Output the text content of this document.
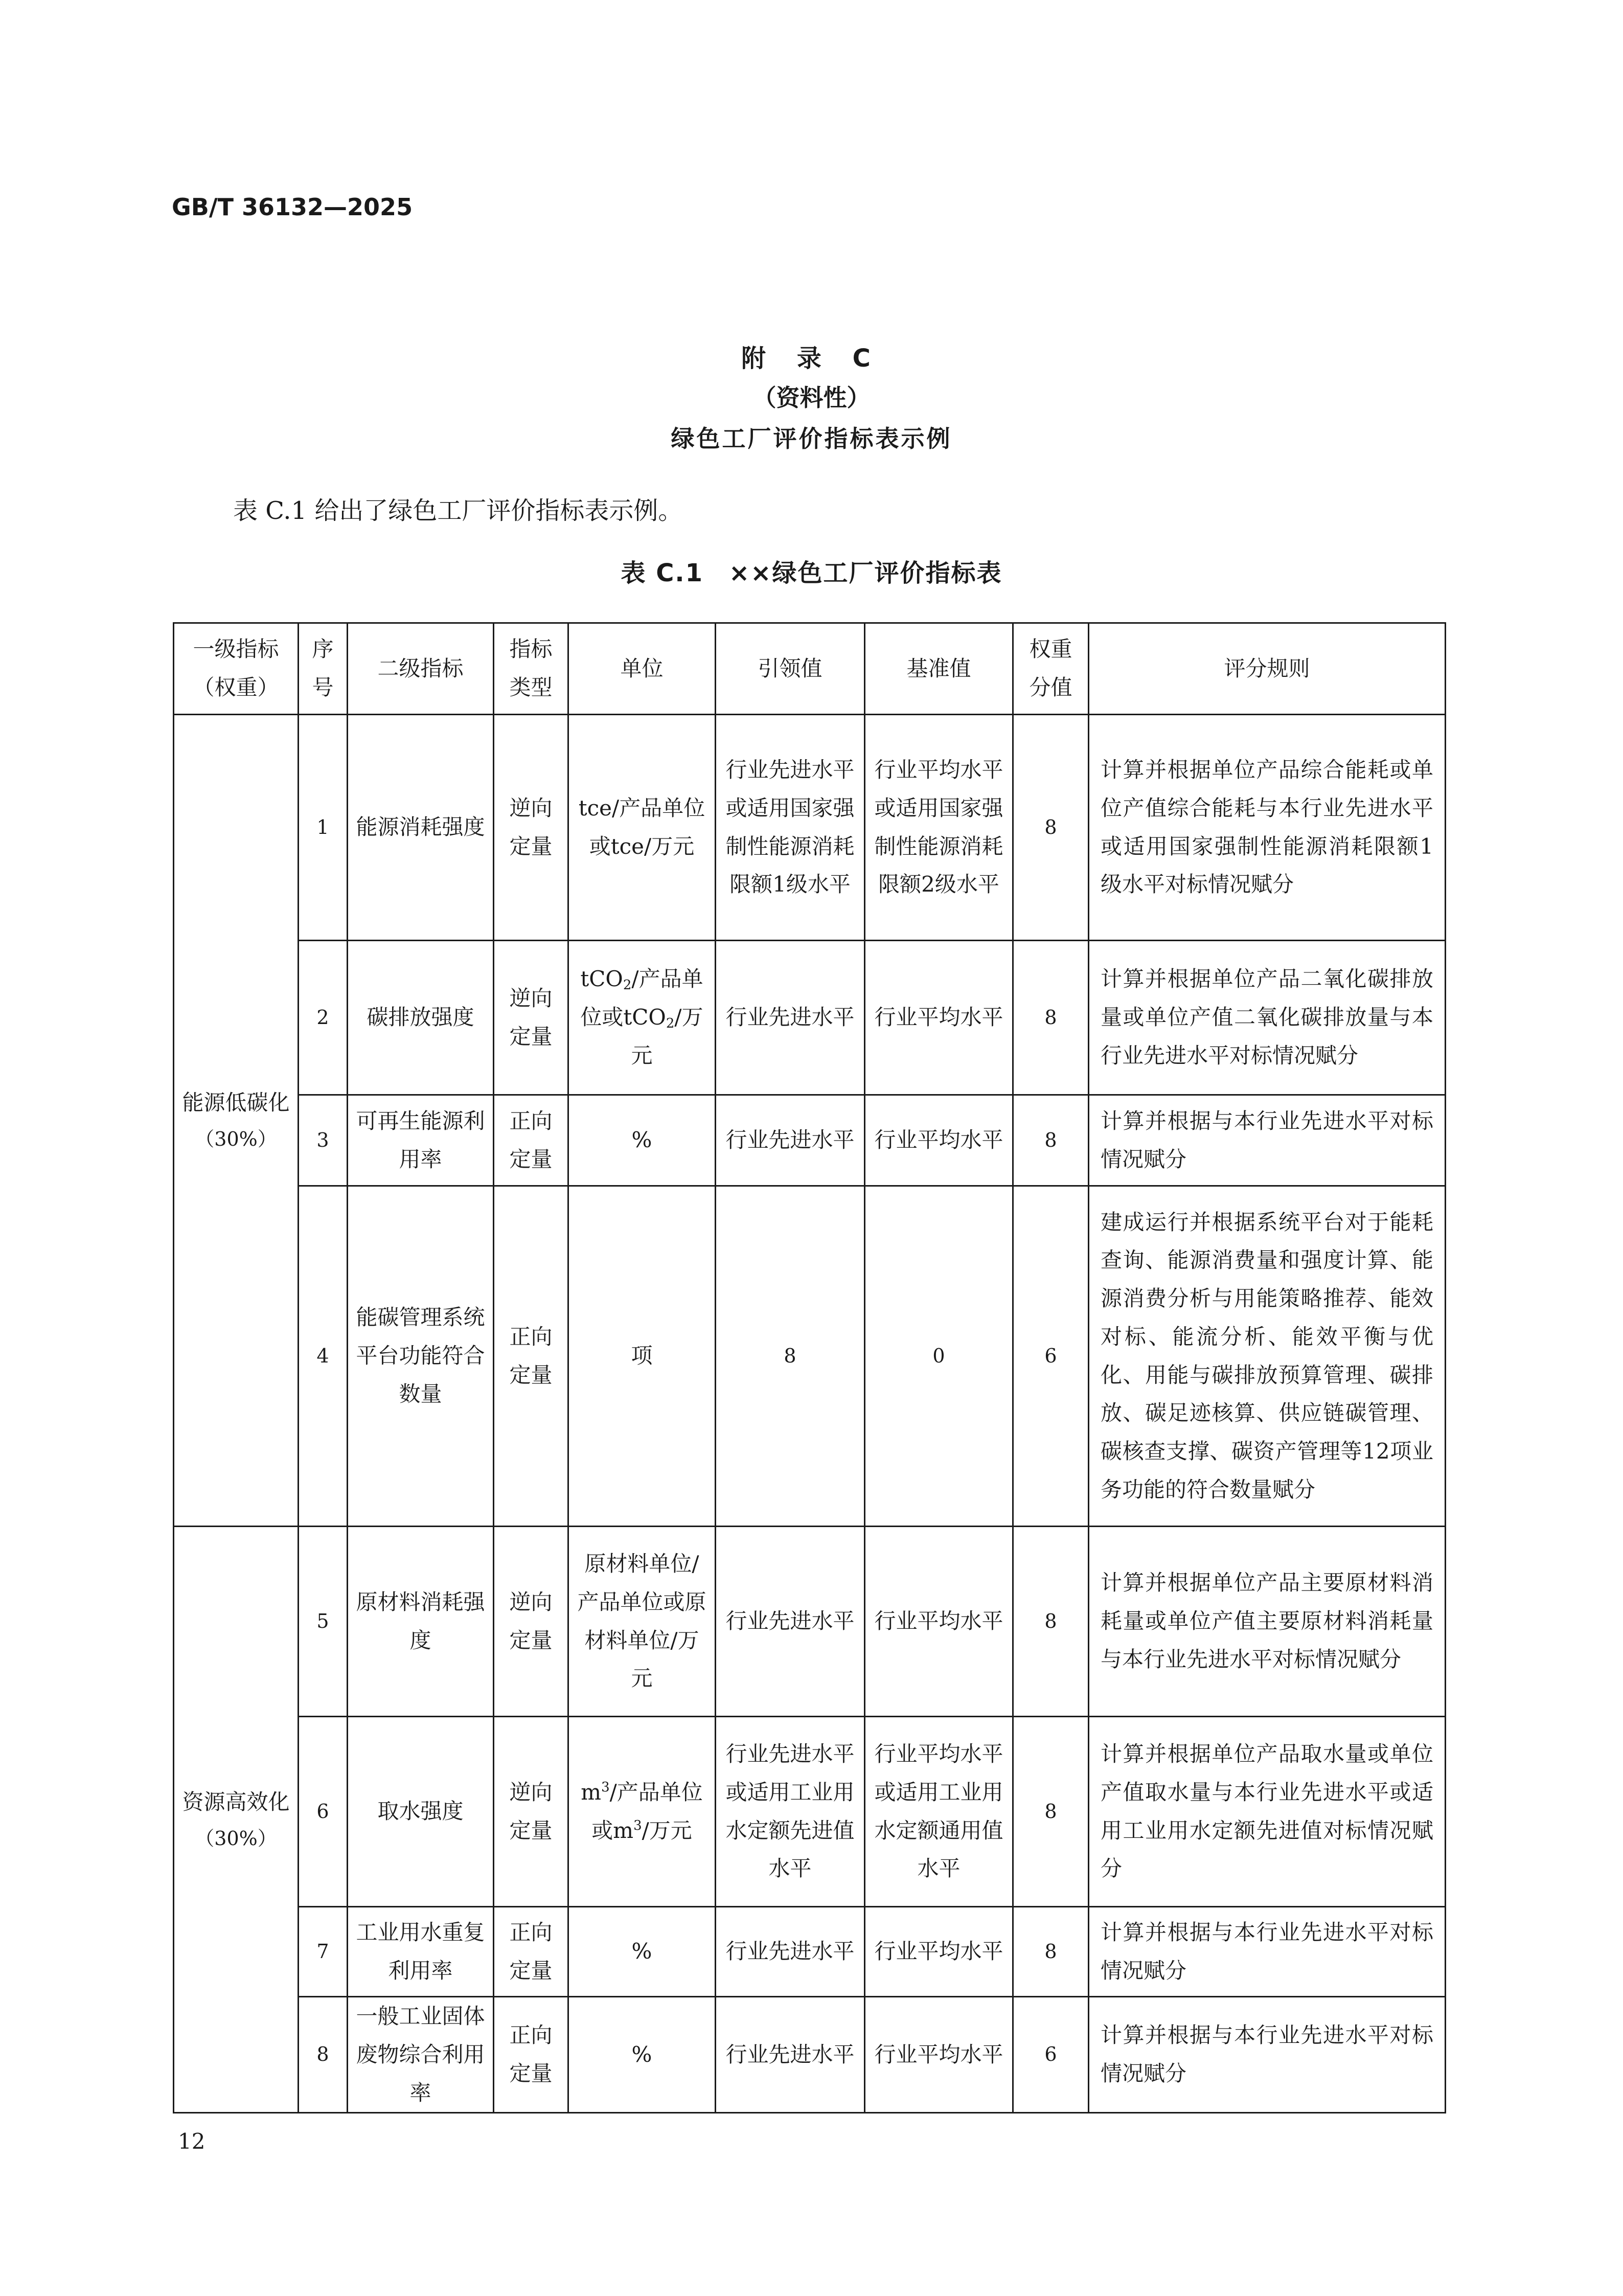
GB/T 36132—2025
附 录 C
（资料性）
绿色工厂评价指标表示例
表 C.1 给出了绿色工厂评价指标表示例。
表 C.1　××绿色工厂评价指标表
一级指标（权重）	序号	二级指标	指标类型	单位	引领值	基准值	权重分值	评分规则

能源低碳化
（30%）	1	能源消耗强度	逆向定量	tce/产品单位或tce/万元	行业先进水平或适用国家强制性能源消耗限额1级水平	行业平均水平或适用国家强制性能源消耗限额2级水平	8	计算并根据单位产品综合能耗或单位产值综合能耗与本行业先进水平或适用国家强制性能源消耗限额1级水平对标情况赋分
	2	碳排放强度	逆向定量	tCO$_2$/产品单位或tCO$_2$/万元	行业先进水平	行业平均水平	8	计算并根据单位产品二氧化碳排放量或单位产值二氧化碳排放量与本行业先进水平对标情况赋分
	3	可再生能源利用率	正向定量	%	行业先进水平	行业平均水平	8	计算并根据与本行业先进水平对标情况赋分
	4	能碳管理系统平台功能符合数量	正向定量	项	8	0	6	建成运行并根据系统平台对于能耗查询、能源消费量和强度计算、能源消费分析与用能策略推荐、能效对标、能流分析、能效平衡与优化、用能与碳排放预算管理、碳排放、碳足迹核算、供应链碳管理、碳核查支撑、碳资产管理等12项业务功能的符合数量赋分

资源高效化
（30%）	5	原材料消耗强度	逆向定量	原材料单位/产品单位或原材料单位/万元	行业先进水平	行业平均水平	8	计算并根据单位产品主要原材料消耗量或单位产值主要原材料消耗量与本行业先进水平对标情况赋分
	6	取水强度	逆向定量	$m^3/$产品单位或$m^3/$万元	行业先进水平或适用工业用水定额先进值水平	行业平均水平或适用工业用水定额通用值水平	8	计算并根据单位产品取水量或单位产值取水量与本行业先进水平或适用工业用水定额先进值对标情况赋分
	7	工业用水重复利用率	正向定量	%	行业先进水平	行业平均水平	8	计算并根据与本行业先进水平对标情况赋分
	8	一般工业固体废物综合利用率	正向定量	%	行业先进水平	行业平均水平	6	计算并根据与本行业先进水平对标情况赋分
12
